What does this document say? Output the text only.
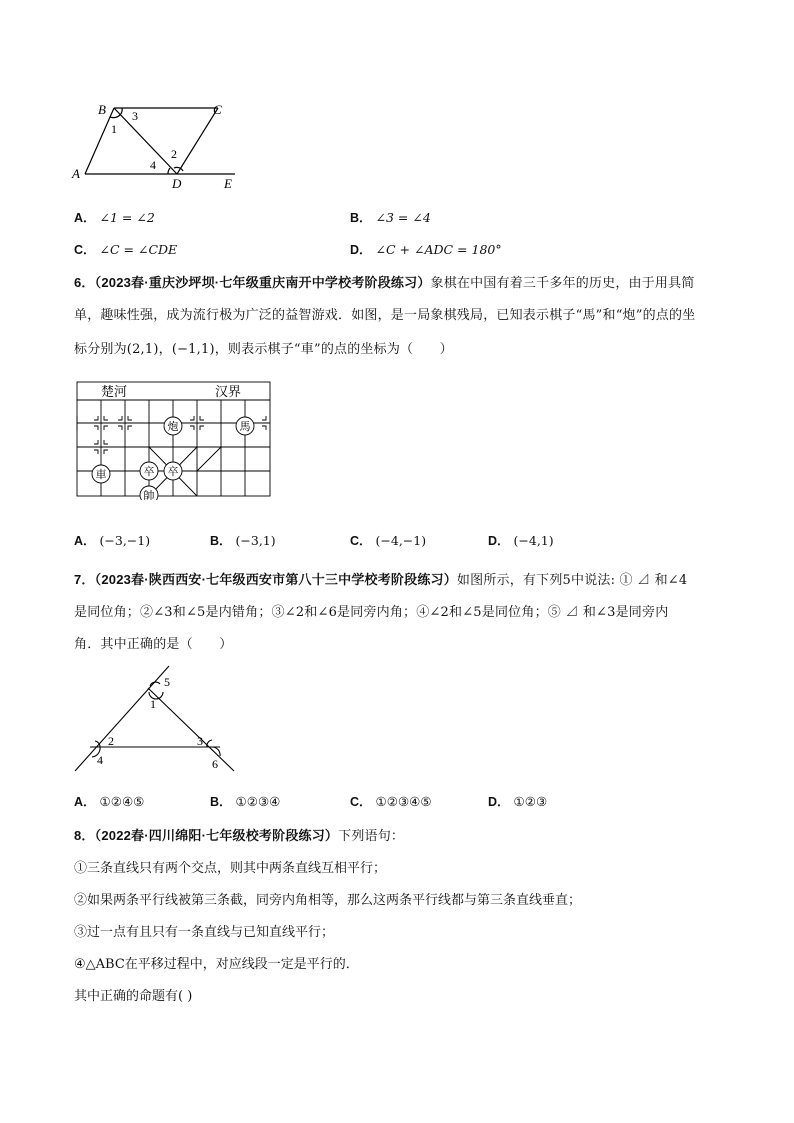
B	C
A
D	E
1
3
2
4
A． ∠1 = ∠2	B． ∠3 = ∠4
C． ∠C = ∠CDE	D． ∠C + ∠ADC = 180°
6．（2023春·重庆沙坪坝·七年级重庆南开中学校考阶段练习）象棋在中国有着三千多年的历史，由于用具简
单，趣味性强，成为流行极为广泛的益智游戏．如图，是一局象棋残局，已知表示棋子“馬”和“炮”的点的坐
标分别为(2,1)，(−1,1)，则表示棋子“車”的点的坐标为（　　）
楚河	汉界
炮	馬
卒
車	卒
帥
A． (−3,−1)	B． (−3,1)	C． (−4,−1)	D． (−4,1)
7．（2023春·陕西西安·七年级西安市第八十三中学校考阶段练习）如图所示，有下列5中说法: ① ⊿ 和∠4
是同位角；②∠3和∠5是内错角；③∠2和∠6是同旁内角；④∠2和∠5是同位角；⑤ ⊿ 和∠3是同旁内
角．其中正确的是（　　）
1
2	3
4
5
6
A． ①②④⑤	B． ①②③④	C． ①②③④⑤	D． ①②③
8．（2022春·四川绵阳·七年级校考阶段练习）下列语句：
①三条直线只有两个交点，则其中两条直线互相平行；
②如果两条平行线被第三条截，同旁内角相等，那么这两条平行线都与第三条直线垂直；
③过一点有且只有一条直线与已知直线平行；
④△ABC在平移过程中，对应线段一定是平行的．
其中正确的命题有( )
